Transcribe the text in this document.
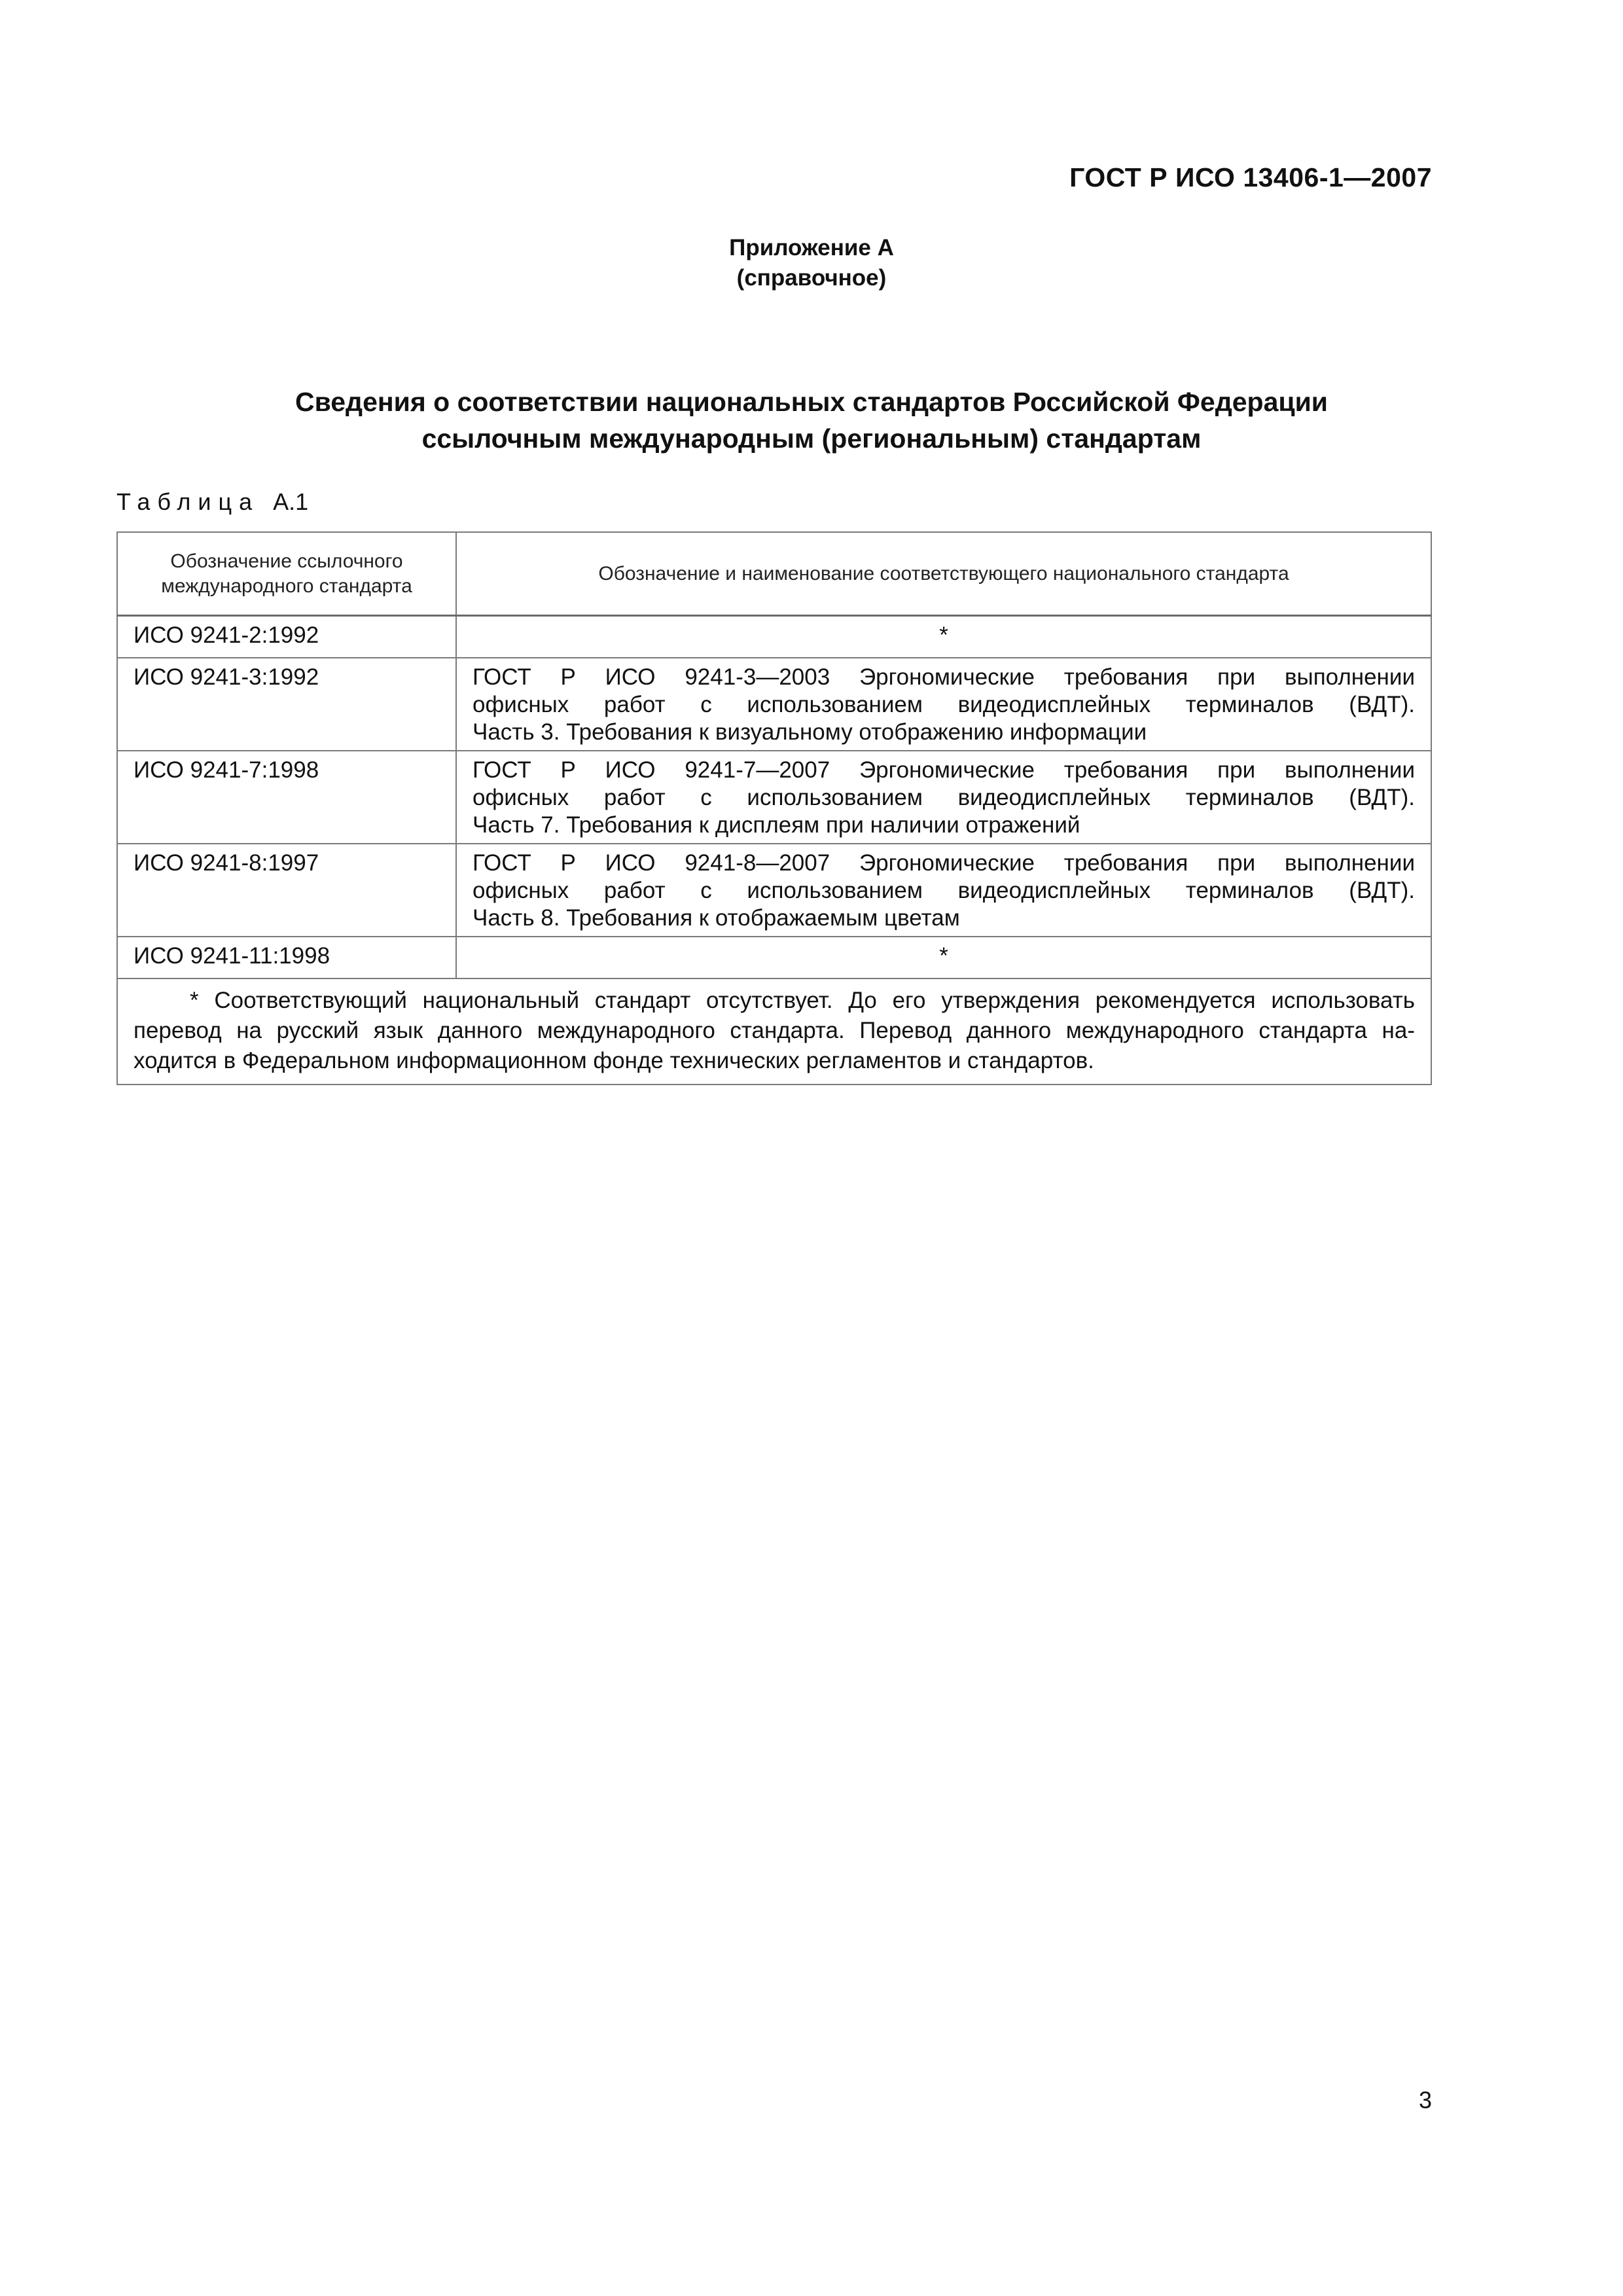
ГОСТ Р ИСО 13406-1—2007
Приложение А
(справочное)
Сведения о соответствии национальных стандартов Российской Федерации
ссылочным международным (региональным) стандартам
Таблица А.1
Обозначение ссылочного
международного стандарта	Обозначение и наименование соответствующего национального стандарта

ИСО 9241-2:1992	*
ИСО 9241-3:1992	ГОСТ Р ИСО 9241-3—2003 Эргономические требования при выполнении
офисных работ с использованием видеодисплейных терминалов (ВДТ).
Часть 3. Требования к визуальному отображению информации

ИСО 9241-7:1998	ГОСТ Р ИСО 9241-7—2007 Эргономические требования при выполнении
офисных работ с использованием видеодисплейных терминалов (ВДТ).
Часть 7. Требования к дисплеям при наличии отражений

ИСО 9241-8:1997	ГОСТ Р ИСО 9241-8—2007 Эргономические требования при выполнении
офисных работ с использованием видеодисплейных терминалов (ВДТ).
Часть 8. Требования к отображаемым цветам

ИСО 9241-11:1998	*

* Соответствующий национальный стандарт отсутствует. До его утверждения рекомендуется использовать
перевод на русский язык данного международного стандарта. Перевод данного международного стандарта на-
ходится в Федеральном информационном фонде технических регламентов и стандартов.	
3
